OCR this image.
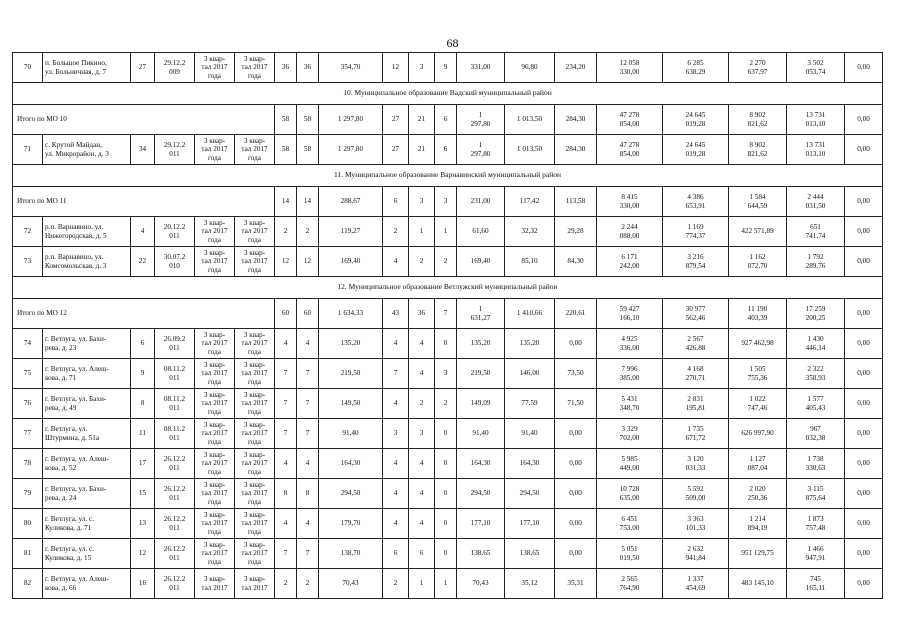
68
70	п. Большое Пикино,
ул. Больничная, д. 7	27	29.12.2
009	3 квар-
тал 2017
года	3 квар-
тал 2017
года	36	36	354,70	12	3	9	331,00	96,80	234,20	12 058
330,00	6 285
638,29	2 270
637,97	3 502
053,74	0,00
10. Муниципальное образование Вадский муниципальный район																			
Итого по МО 10						58	58	1 297,80	27	21	6	1
297,80	1 013,50	284,30	47 278
854,00	24 645
019,28	8 902
821,62	13 731
013,10	0,00
71	с. Крутой Майдан,
ул. Микрорайон, д. 3	34	29.12.2
011	3 квар-
тал 2017
года	3 квар-
тал 2017
года	58	58	1 297,80	27	21	6	1
297,80	1 013,50	284,30	47 278
854,00	24 645
019,28	8 902
821,62	13 731
013,10	0,00
11. Муниципальное образование Варнавинский муниципальный район																			
Итого по МО 11						14	14	288,67	6	3	3	231,00	117,42	113,58	8 415
330,00	4 386
653,91	1 584
644,59	2 444
031,50	0,00
72	р.п. Варнавино, ул.
Нижегородская, д. 5	4	20.12.2
011	3 квар-
тал 2017
года	3 квар-
тал 2017
года	2	2	119,27	2	1	1	61,60	32,32	29,28	2 244
088,00	1 169
774,37	422 571,89	651
741,74	0,00
73	р.п. Варнавино, ул.
Комсомольская, д. 3	22	30.07.2
010	3 квар-
тал 2017
года	3 квар-
тал 2017
года	12	12	169,40	4	2	2	169,40	85,10	84,30	6 171
242,00	3 216
879,54	1 162
072,70	1 792
289,76	0,00
12. Муниципальное образование Ветлужский муниципальный район																			
Итого по МО 12						60	60	1 634,33	43	36	7	1
631,27	1 410,66	220,61	59 427
166,10	30 977
562,46	11 190
403,39	17 259
200,25	0,00
74	г. Ветлуга, ул. Бахи-
рева, д. 23	6	26.09.2
011	3 квар-
тал 2017
года	3 квар-
тал 2017
года	4	4	135,20	4	4	0	135,20	135,20	0,00	4 925
336,00	2 567
426,88	927 462,98	1 430
446,14	0,00
75	г. Ветлуга, ул. Алеш-
кова, д. 71	9	08.11.2
011	3 квар-
тал 2017
года	3 квар-
тал 2017
года	7	7	219,50	7	4	3	219,50	146,00	73,50	7 996
385,00	4 168
270,71	1 505
755,36	2 322
358,93	0,00
76	г. Ветлуга, ул. Бахи-
рева, д. 49	8	08.11.2
011	3 квар-
тал 2017
года	3 квар-
тал 2017
года	7	7	149,50	4	2	2	149,09	77,59	71,50	5 431
348,70	2 831
195,81	1 022
747,46	1 577
405,43	0,00
77	г. Ветлуга, ул.
Штурмина, д. 51а	11	08.11.2
011	3 квар-
тал 2017
года	3 квар-
тал 2017
года	7	7	91,40	3	3	0	91,40	91,40	0,00	3 329
702,00	1 735
671,72	626 997,90	967
032,38	0,00
78	г. Ветлуга, ул. Алеш-
кова, д. 52	17	26.12.2
011	3 квар-
тал 2017
года	3 квар-
тал 2017
года	4	4	164,30	4	4	0	164,30	164,30	0,00	5 985
449,00	3 120
031,33	1 127
087,04	1 738
330,63	0,00
79	г. Ветлуга, ул. Бахи-
рева, д. 24	15	26.12.2
011	3 квар-
тал 2017
года	3 квар-
тал 2017
года	8	8	294,50	4	4	0	294,50	294,50	0,00	10 728
635,00	5 592
509,00	2 020
250,36	3 115
875,64	0,00
80	г. Ветлуга, ул. с.
Куликова, д. 71	13	26.12.2
011	3 квар-
тал 2017
года	3 квар-
тал 2017
года	4	4	179,70	4	4	0	177,10	177,10	0,00	6 451
753,00	3 363
101,33	1 214
894,19	1 873
757,48	0,00
81	г. Ветлуга, ул. с.
Куликова, д. 15	12	26.12.2
011	3 квар-
тал 2017
года	3 квар-
тал 2017
года	7	7	138,70	6	6	0	138,65	138,65	0,00	5 051
019,50	2 632
941,84	951 129,75	1 466
947,91	0,00
82	г. Ветлуга, ул. Алеш-
кова, д. 66	16	26.12.2
011	3 квар-
тал 2017	3 квар-
тал 2017	2	2	70,43	2	1	1	70,43	35,12	35,31	2 565
764,90	1 337
454,69	483 145,10	745
165,11	0,00
